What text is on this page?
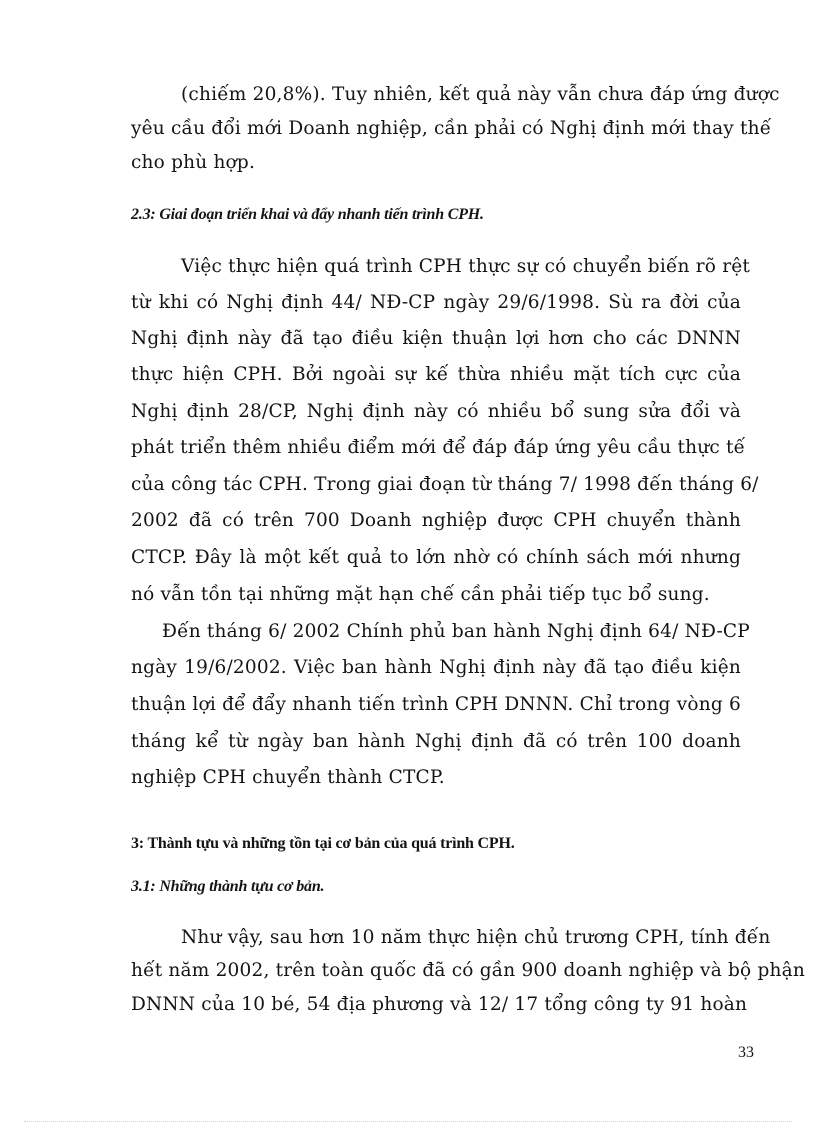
(chiếm 20,8%). Tuy nhiên, kết quả này vẫn chưa đáp ứng được
yêu cầu đổi mới Doanh nghiệp, cần phải có Nghị định mới thay thế
cho phù hợp.
2.3: Giai đoạn triển khai và đẩy nhanh tiến trình CPH.
Việc thực hiện quá trình CPH thực sự có chuyển biến rõ rệt
từ khi có Nghị định 44/ NĐ-CP ngày 29/6/1998. Sù ra đời của
Nghị định này đã tạo điều kiện thuận lợi hơn cho các DNNN
thực hiện CPH. Bởi ngoài sự kế thừa nhiều mặt tích cực của
Nghị định 28/CP, Nghị định này có nhiều bổ sung sửa đổi và
phát triển thêm nhiều điểm mới để đáp đáp ứng yêu cầu thực tế
của công tác CPH. Trong giai đoạn từ tháng 7/ 1998 đến tháng 6/
2002 đã có trên 700 Doanh nghiệp được CPH chuyển thành
CTCP. Đây là một kết quả to lớn nhờ có chính sách mới nhưng
nó vẫn tồn tại những mặt hạn chế cần phải tiếp tục bổ sung.
Đến tháng 6/ 2002 Chính phủ ban hành Nghị định 64/ NĐ-CP
ngày 19/6/2002. Việc ban hành Nghị định này đã tạo điều kiện
thuận lợi để đẩy nhanh tiến trình CPH DNNN. Chỉ trong vòng 6
tháng kể từ ngày ban hành Nghị định đã có trên 100 doanh
nghiệp CPH chuyển thành CTCP.
3: Thành tựu và những tồn tại cơ bản của quá trình CPH.
3.1: Những thành tựu cơ bản.
Như vậy, sau hơn 10 năm thực hiện chủ trương CPH, tính đến
hết năm 2002, trên toàn quốc đã có gần 900 doanh nghiệp và bộ phận
DNNN của 10 bé, 54 địa phương và 12/ 17 tổng công ty 91 hoàn
33
